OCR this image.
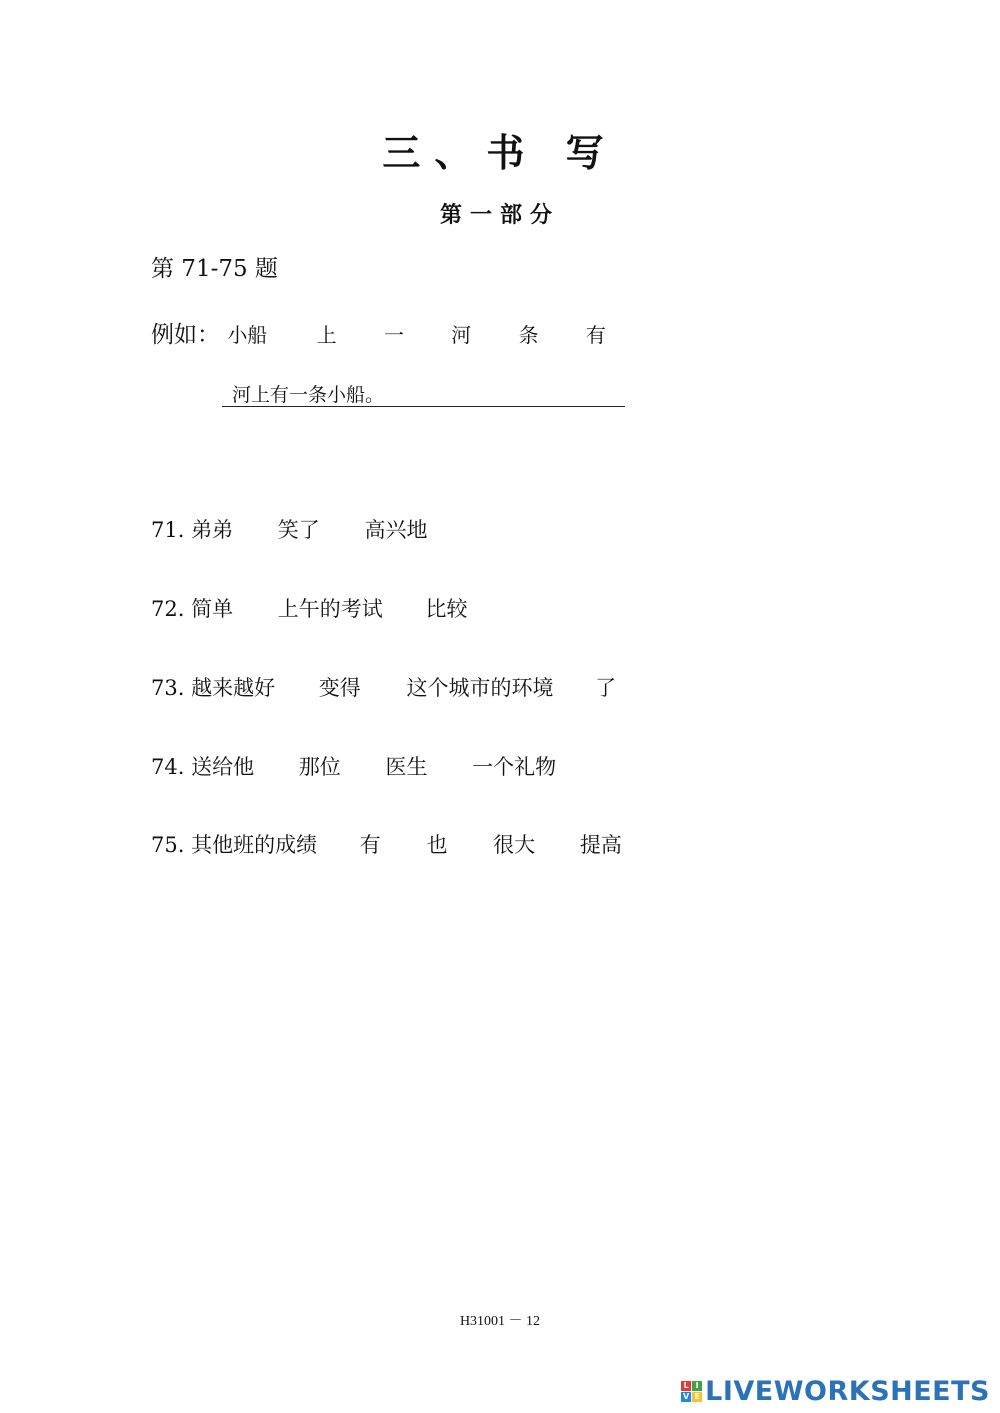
三、书 写
第一部分
第 71-75 题
例如： 小船 上 一 河 条 有
河上有一条小船。
71. 弟弟 笑了 高兴地
72. 简单 上午的考试 比较
73. 越来越好 变得 这个城市的环境 了
74. 送给他 那位 医生 一个礼物
75. 其他班的成绩 有 也 很大 提高
H31001 － 12
L I
V E LIVEWORKSHEETS
